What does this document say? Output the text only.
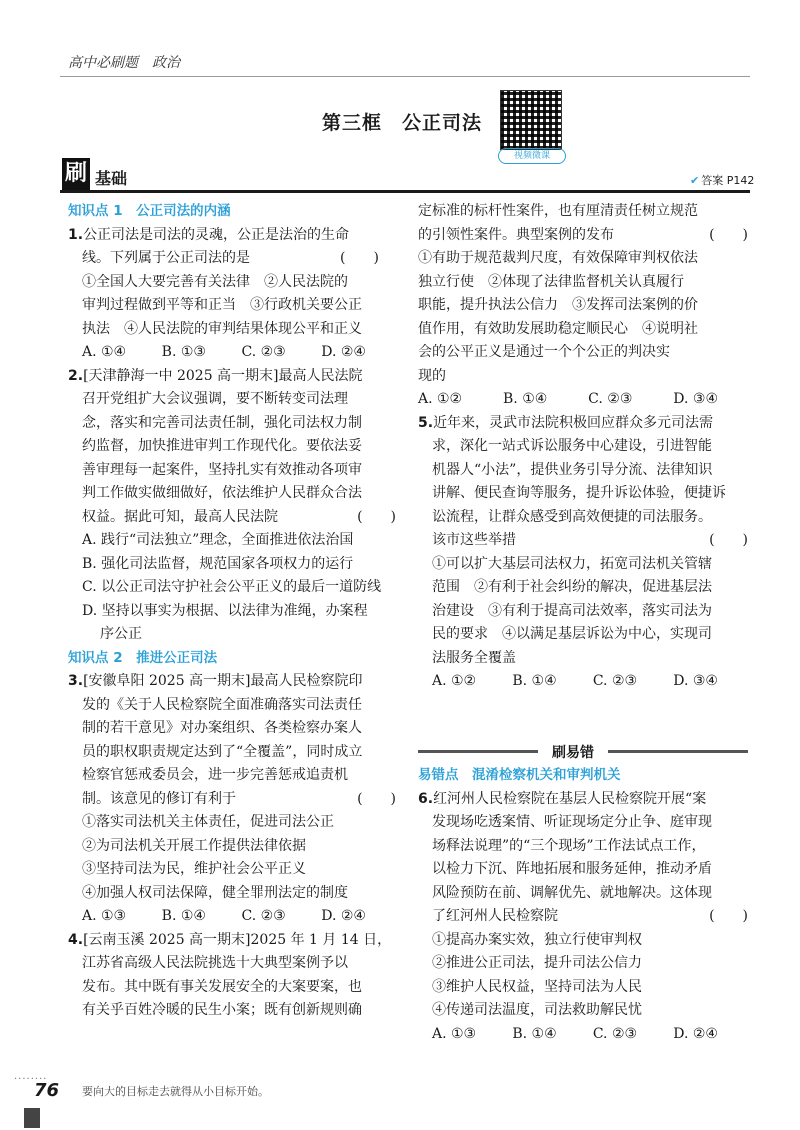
高中必刷题　政治
第三框　公正司法
视频微课
刷 基础	✔ 答案 P142
知识点 1　公正司法的内涵
1.公正司法是司法的灵魂，公正是法治的生命
线。下列属于公正司法的是
①全国人大要完善有关法律　②人民法院的
审判过程做到平等和正当　③行政机关要公正
执法　④人民法院的审判结果体现公平和正义
A. ①④	B. ①③	C. ②③	D. ②④
2.[天津静海一中 2025 高一期末]最高人民法院
召开党组扩大会议强调，要不断转变司法理
念，落实和完善司法责任制，强化司法权力制
约监督，加快推进审判工作现代化。要依法妥
善审理每一起案件，坚持扎实有效推动各项审
判工作做实做细做好，依法维护人民群众合法
权益。据此可知，最高人民法院	(　　)
A. 践行“司法独立”理念，全面推进依法治国
B. 强化司法监督，规范国家各项权力的运行
C. 以公正司法守护社会公平正义的最后一道防线
D. 坚持以事实为根据、以法律为准绳，办案程
序公正
知识点 2　推进公正司法
3.[安徽阜阳 2025 高一期末]最高人民检察院印
发的《关于人民检察院全面准确落实司法责任
制的若干意见》对办案组织、各类检察办案人
员的职权职责规定达到了“全覆盖”，同时成立
检察官惩戒委员会，进一步完善惩戒追责机
制。该意见的修订有利于	(　　)
①落实司法机关主体责任，促进司法公正
②为司法机关开展工作提供法律依据
③坚持司法为民，维护社会公平正义
④加强人权司法保障，健全罪刑法定的制度
A. ①③	B. ①④	C. ②③	D. ②④
4.[云南玉溪 2025 高一期末]2025 年 1 月 14 日，
江苏省高级人民法院挑选十大典型案例予以
发布。其中既有事关发展安全的大案要案，也
有关乎百姓冷暖的民生小案；既有创新规则确
定标准的标杆性案件，也有厘清责任树立规范
的引领性案件。典型案例的发布	(　　)
①有助于规范裁判尺度，有效保障审判权依法
独立行使　②体现了法律监督机关认真履行
职能，提升执法公信力　③发挥司法案例的价
值作用，有效助发展助稳定顺民心　④说明社
会的公平正义是通过一个个公正的判决实
现的
A. ①②	B. ①④	C. ②③	D. ③④
5.近年来，灵武市法院积极回应群众多元司法需
求，深化一站式诉讼服务中心建设，引进智能
机器人“小法”，提供业务引导分流、法律知识
讲解、便民查询等服务，提升诉讼体验，便捷诉
讼流程，让群众感受到高效便捷的司法服务。
该市这些举措	(　　)
①可以扩大基层司法权力，拓宽司法机关管辖
范围　②有利于社会纠纷的解决，促进基层法
治建设　③有利于提高司法效率，落实司法为
民的要求　④以满足基层诉讼为中心，实现司
法服务全覆盖
A. ①②	B. ①④	C. ②③	D. ③④
刷易错
易错点　混淆检察机关和审判机关
6.红河州人民检察院在基层人民检察院开展“案
发现场吃透案情、听证现场定分止争、庭审现
场释法说理”的“三个现场”工作法试点工作，
以检力下沉、阵地拓展和服务延伸，推动矛盾
风险预防在前、调解优先、就地解决。这体现
了红河州人民检察院	(　　)
①提高办案实效，独立行使审判权
②推进公正司法，提升司法公信力
③维护人民权益，坚持司法为人民
④传递司法温度，司法救助解民忧
A. ①③	B. ①④	C. ②③	D. ②④
(　　)
········
76 要向大的目标走去就得从小目标开始。
